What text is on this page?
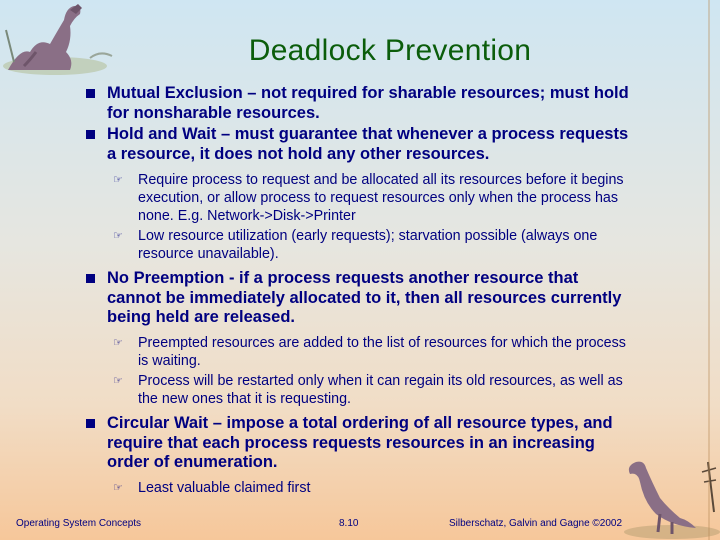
Deadlock Prevention
Mutual Exclusion – not required for sharable resources; must hold for nonsharable resources.
Hold and Wait – must guarantee that whenever a process requests a resource, it does not hold any other resources.
☞ Require process to request and be allocated all its resources before it begins execution, or allow process to request resources only when the process has none. E.g. Network->Disk->Printer
☞ Low resource utilization (early requests); starvation possible (always one resource unavailable).
No Preemption - if a process requests another resource that cannot be immediately allocated to it, then all resources currently being held are released.
☞ Preempted resources are added to the list of resources for which the process is waiting.
☞ Process will be restarted only when it can regain its old resources, as well as the new ones that it is requesting.
Circular Wait – impose a total ordering of all resource types, and require that each process requests resources in an increasing order of enumeration.
☞ Least valuable claimed first
Operating System Concepts	8.10	Silberschatz, Galvin and Gagne ©2002
